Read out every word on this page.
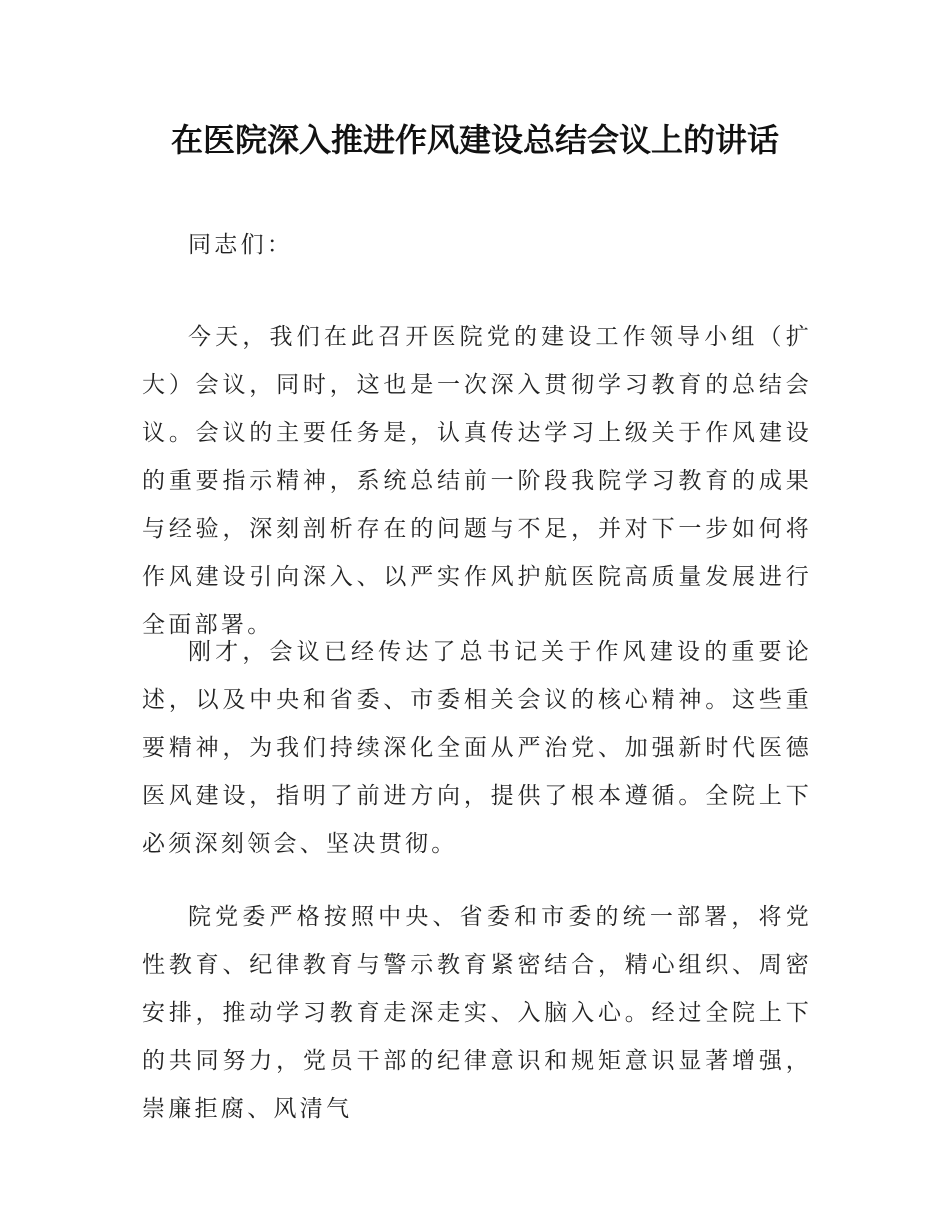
在医院深入推进作风建设总结会议上的讲话

同志们：

今天，我们在此召开医院党的建设工作领导小组（扩大）会议，同时，这也是一次深入贯彻学习教育的总结会议。会议的主要任务是，认真传达学习上级关于作风建设的重要指示精神，系统总结前一阶段我院学习教育的成果与经验，深刻剖析存在的问题与不足，并对下一步如何将作风建设引向深入、以严实作风护航医院高质量发展进行全面部署。

刚才，会议已经传达了总书记关于作风建设的重要论述，以及中央和省委、市委相关会议的核心精神。这些重要精神，为我们持续深化全面从严治党、加强新时代医德医风建设，指明了前进方向，提供了根本遵循。全院上下必须深刻领会、坚决贯彻。

院党委严格按照中央、省委和市委的统一部署，将党性教育、纪律教育与警示教育紧密结合，精心组织、周密安排，推动学习教育走深走实、入脑入心。经过全院上下的共同努力，党员干部的纪律意识和规矩意识显著增强，崇廉拒腐、风清气
